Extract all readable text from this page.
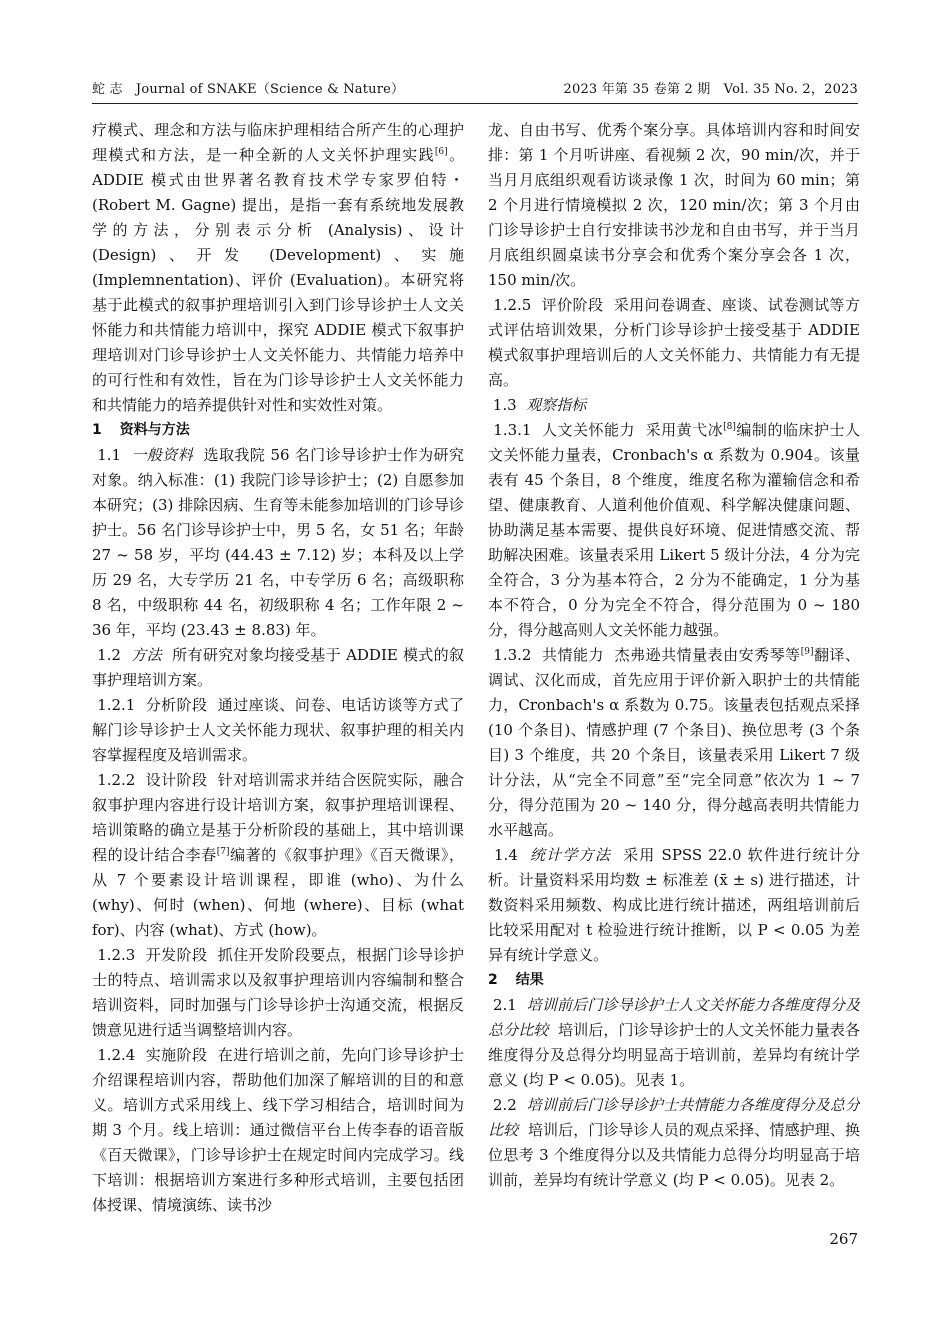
蛇 志　Journal of SNAKE（Science & Nature）	2023 年第 35 卷第 2 期　Vol. 35 No. 2，2023

疗模式、理念和方法与临床护理相结合所产生的心理护理模式和方法，是一种全新的人文关怀护理实践[6]。ADDIE 模式由世界著名教育技术学专家罗伯特・(Robert M. Gagne) 提出，是指一套有系统地发展教学的方法，分别表示分析 (Analysis)、设计 (Design)、开发 (Development)、实施 (Implemnentation)、评价 (Evaluation)。本研究将基于此模式的叙事护理培训引入到门诊导诊护士人文关怀能力和共情能力培训中，探究 ADDIE 模式下叙事护理培训对门诊导诊护士人文关怀能力、共情能力培养中的可行性和有效性，旨在为门诊导诊护士人文关怀能力和共情能力的培养提供针对性和实效性对策。

1 资料与方法

1.1 一般资料 选取我院 56 名门诊导诊护士作为研究对象。纳入标准：(1) 我院门诊导诊护士；(2) 自愿参加本研究；(3) 排除因病、生育等未能参加培训的门诊导诊护士。56 名门诊导诊护士中，男 5 名，女 51 名；年龄 27 ~ 58 岁，平均 (44.43 ± 7.12) 岁；本科及以上学历 29 名，大专学历 21 名，中专学历 6 名；高级职称 8 名，中级职称 44 名，初级职称 4 名；工作年限 2 ~ 36 年，平均 (23.43 ± 8.83) 年。

1.2 方法 所有研究对象均接受基于 ADDIE 模式的叙事护理培训方案。

1.2.1 分析阶段 通过座谈、问卷、电话访谈等方式了解门诊导诊护士人文关怀能力现状、叙事护理的相关内容掌握程度及培训需求。

1.2.2 设计阶段 针对培训需求并结合医院实际，融合叙事护理内容进行设计培训方案，叙事护理培训课程、培训策略的确立是基于分析阶段的基础上，其中培训课程的设计结合李春[7]编著的《叙事护理》《百天微课》，从 7 个要素设计培训课程，即谁 (who)、为什么 (why)、何时 (when)、何地 (where)、目标 (what for)、内容 (what)、方式 (how)。

1.2.3 开发阶段 抓住开发阶段要点，根据门诊导诊护士的特点、培训需求以及叙事护理培训内容编制和整合培训资料，同时加强与门诊导诊护士沟通交流，根据反馈意见进行适当调整培训内容。

1.2.4 实施阶段 在进行培训之前，先向门诊导诊护士介绍课程培训内容，帮助他们加深了解培训的目的和意义。培训方式采用线上、线下学习相结合，培训时间为期 3 个月。线上培训：通过微信平台上传李春的语音版《百天微课》，门诊导诊护士在规定时间内完成学习。线下培训：根据培训方案进行多种形式培训，主要包括团体授课、情境演练、读书沙

龙、自由书写、优秀个案分享。具体培训内容和时间安排：第 1 个月听讲座、看视频 2 次，90 min/次，并于当月月底组织观看访谈录像 1 次，时间为 60 min；第 2 个月进行情境模拟 2 次，120 min/次；第 3 个月由门诊导诊护士自行安排读书沙龙和自由书写，并于当月月底组织圆桌读书分享会和优秀个案分享会各 1 次，150 min/次。

1.2.5 评价阶段 采用问卷调查、座谈、试卷测试等方式评估培训效果，分析门诊导诊护士接受基于 ADDIE 模式叙事护理培训后的人文关怀能力、共情能力有无提高。

1.3 观察指标

1.3.1 人文关怀能力 采用黄弋冰[8]编制的临床护士人文关怀能力量表，Cronbach's α 系数为 0.904。该量表有 45 个条目，8 个维度，维度名称为灌输信念和希望、健康教育、人道利他价值观、科学解决健康问题、协助满足基本需要、提供良好环境、促进情感交流、帮助解决困难。该量表采用 Likert 5 级计分法，4 分为完全符合，3 分为基本符合，2 分为不能确定，1 分为基本不符合，0 分为完全不符合，得分范围为 0 ~ 180 分，得分越高则人文关怀能力越强。

1.3.2 共情能力 杰弗逊共情量表由安秀琴等[9]翻译、调试、汉化而成，首先应用于评价新入职护士的共情能力，Cronbach's α 系数为 0.75。该量表包括观点采择 (10 个条目)、情感护理 (7 个条目)、换位思考 (3 个条目) 3 个维度，共 20 个条目，该量表采用 Likert 7 级计分法，从“完全不同意”至“完全同意”依次为 1 ~ 7 分，得分范围为 20 ~ 140 分，得分越高表明共情能力水平越高。

1.4 统计学方法 采用 SPSS 22.0 软件进行统计分析。计量资料采用均数 ± 标准差 (x̄ ± s) 进行描述，计数资料采用频数、构成比进行统计描述，两组培训前后比较采用配对 t 检验进行统计推断，以 P < 0.05 为差异有统计学意义。

2 结果

2.1 培训前后门诊导诊护士人文关怀能力各维度得分及总分比较 培训后，门诊导诊护士的人文关怀能力量表各维度得分及总得分均明显高于培训前，差异均有统计学意义 (均 P < 0.05)。见表 1。

2.2 培训前后门诊导诊护士共情能力各维度得分及总分比较 培训后，门诊导诊人员的观点采择、情感护理、换位思考 3 个维度得分以及共情能力总得分均明显高于培训前，差异均有统计学意义 (均 P < 0.05)。见表 2。

267
